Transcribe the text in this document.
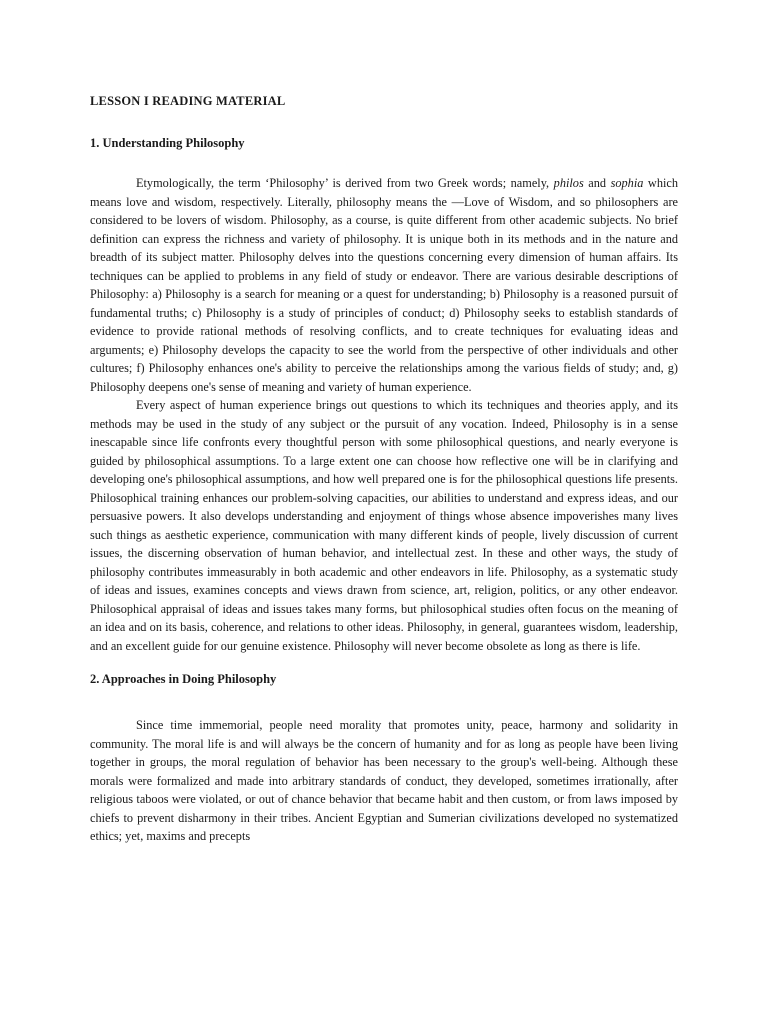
LESSON I READING MATERIAL
1. Understanding Philosophy

Etymologically, the term ‘Philosophy’ is derived from two Greek words; namely, philos and sophia which means love and wisdom, respectively. Literally, philosophy means the ―Love of Wisdom, and so philosophers are considered to be lovers of wisdom. Philosophy, as a course, is quite different from other academic subjects. No brief definition can express the richness and variety of philosophy. It is unique both in its methods and in the nature and breadth of its subject matter. Philosophy delves into the questions concerning every dimension of human affairs. Its techniques can be applied to problems in any field of study or endeavor. There are various desirable descriptions of Philosophy: a) Philosophy is a search for meaning or a quest for understanding; b) Philosophy is a reasoned pursuit of fundamental truths; c) Philosophy is a study of principles of conduct; d) Philosophy seeks to establish standards of evidence to provide rational methods of resolving conflicts, and to create techniques for evaluating ideas and arguments; e) Philosophy develops the capacity to see the world from the perspective of other individuals and other cultures; f) Philosophy enhances one's ability to perceive the relationships among the various fields of study; and, g) Philosophy deepens one's sense of meaning and variety of human experience.

Every aspect of human experience brings out questions to which its techniques and theories apply, and its methods may be used in the study of any subject or the pursuit of any vocation. Indeed, Philosophy is in a sense inescapable since life confronts every thoughtful person with some philosophical questions, and nearly everyone is guided by philosophical assumptions. To a large extent one can choose how reflective one will be in clarifying and developing one's philosophical assumptions, and how well prepared one is for the philosophical questions life presents. Philosophical training enhances our problem-solving capacities, our abilities to understand and express ideas, and our persuasive powers. It also develops understanding and enjoyment of things whose absence impoverishes many lives such things as aesthetic experience, communication with many different kinds of people, lively discussion of current issues, the discerning observation of human behavior, and intellectual zest. In these and other ways, the study of philosophy contributes immeasurably in both academic and other endeavors in life. Philosophy, as a systematic study of ideas and issues, examines concepts and views drawn from science, art, religion, politics, or any other endeavor. Philosophical appraisal of ideas and issues takes many forms, but philosophical studies often focus on the meaning of an idea and on its basis, coherence, and relations to other ideas. Philosophy, in general, guarantees wisdom, leadership, and an excellent guide for our genuine existence. Philosophy will never become obsolete as long as there is life.

2. Approaches in Doing Philosophy

Since time immemorial, people need morality that promotes unity, peace, harmony and solidarity in community. The moral life is and will always be the concern of humanity and for as long as people have been living together in groups, the moral regulation of behavior has been necessary to the group's well-being. Although these morals were formalized and made into arbitrary standards of conduct, they developed, sometimes irrationally, after religious taboos were violated, or out of chance behavior that became habit and then custom, or from laws imposed by chiefs to prevent disharmony in their tribes. Ancient Egyptian and Sumerian civilizations developed no systematized ethics; yet, maxims and precepts
